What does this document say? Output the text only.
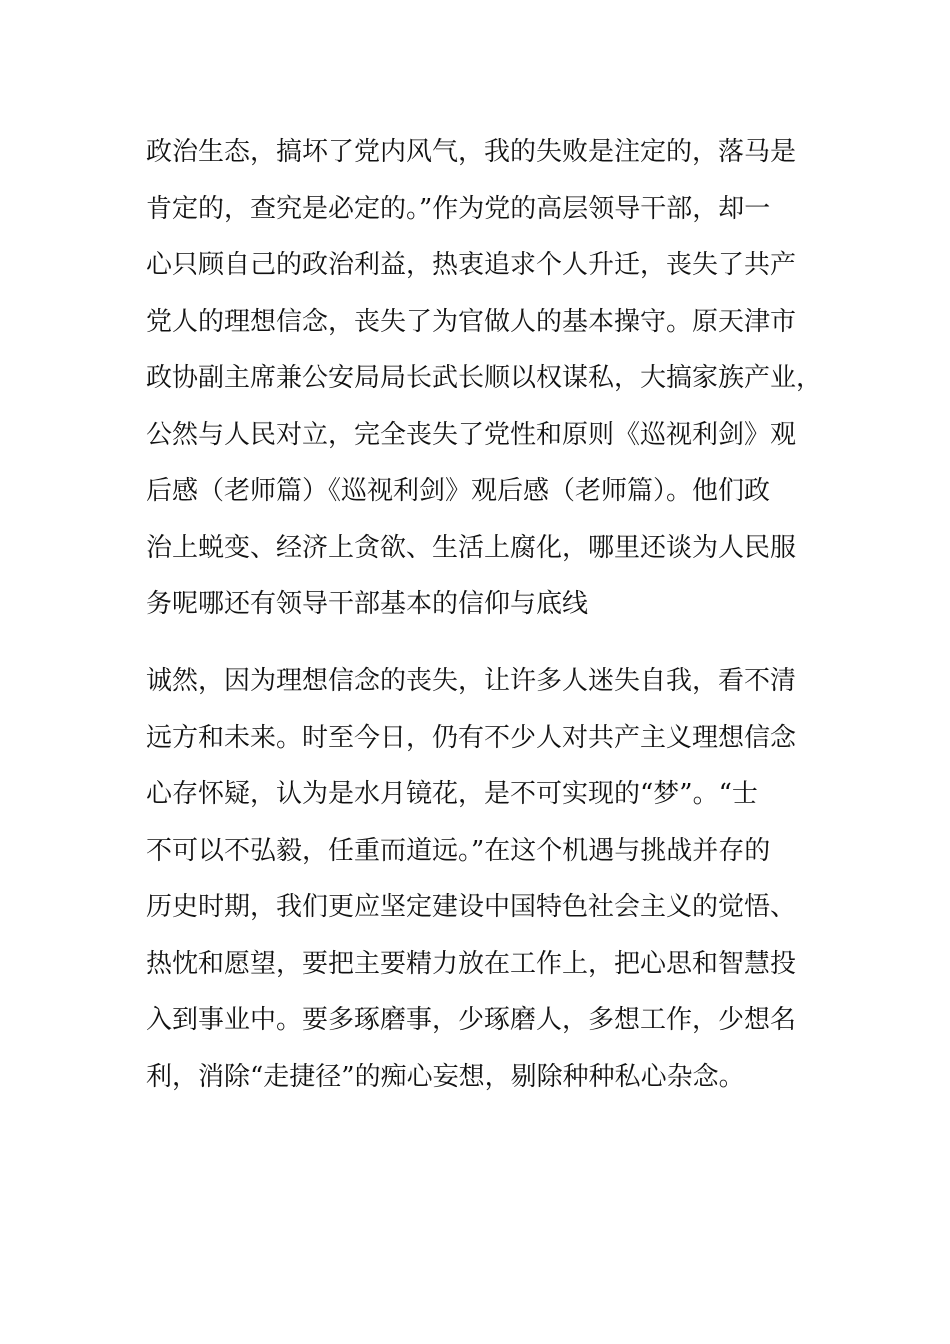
政治生态，搞坏了党内风气，我的失败是注定的，落马是
肯定的，查究是必定的。”作为党的高层领导干部，却一
心只顾自己的政治利益，热衷追求个人升迁，丧失了共产
党人的理想信念，丧失了为官做人的基本操守。原天津市
政协副主席兼公安局局长武长顺以权谋私，大搞家族产业，
公然与人民对立，完全丧失了党性和原则《巡视利剑》观
后感（老师篇）《巡视利剑》观后感（老师篇）。他们政
治上蜕变、经济上贪欲、生活上腐化，哪里还谈为人民服
务呢哪还有领导干部基本的信仰与底线
诚然，因为理想信念的丧失，让许多人迷失自我，看不清
远方和未来。时至今日，仍有不少人对共产主义理想信念
心存怀疑，认为是水月镜花，是不可实现的“梦”。“士
不可以不弘毅，任重而道远。”在这个机遇与挑战并存的
历史时期，我们更应坚定建设中国特色社会主义的觉悟、
热忱和愿望，要把主要精力放在工作上，把心思和智慧投
入到事业中。要多琢磨事，少琢磨人，多想工作，少想名
利，消除“走捷径”的痴心妄想，剔除种种私心杂念。
